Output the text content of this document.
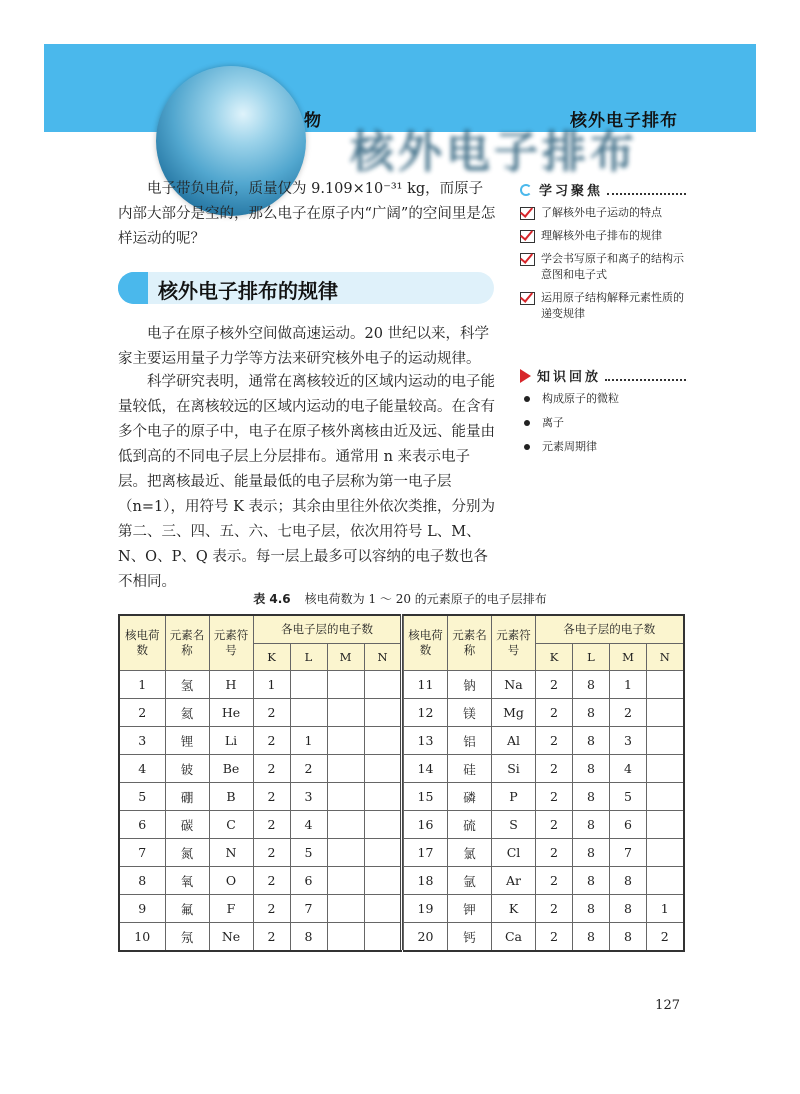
物
核外电子排布
核外电子排布

电子带负电荷，质量仅为 9.109×10⁻³¹ kg，而原子内部大部分是空的，那么电子在原子内“广阔”的空间里是怎样运动的呢？

核外电子排布的规律

电子在原子核外空间做高速运动。20 世纪以来，科学家主要运用量子力学等方法来研究核外电子的运动规律。

科学研究表明，通常在离核较近的区域内运动的电子能量较低，在离核较远的区域内运动的电子能量较高。在含有多个电子的原子中，电子在原子核外离核由近及远、能量由低到高的不同电子层上分层排布。通常用 n 来表示电子层。把离核最近、能量最低的电子层称为第一电子层（n=1），用符号 K 表示；其余由里往外依次类推，分别为第二、三、四、五、六、七电子层，依次用符号 L、M、N、O、P、Q 表示。每一层上最多可以容纳的电子数也各不相同。

学习聚焦
了解核外电子运动的特点
理解核外电子排布的规律
学会书写原子和离子的结构示意图和电子式
运用原子结构解释元素性质的递变规律
知识回放
构成原子的微粒
离子
元素周期律
表 4.6 核电荷数为 1 ～ 20 的元素原子的电子层排布
核电荷数	元素名称	元素符号	各电子层的电子数			
			K	L	M	N
1	氢	H	1			
2	氦	He	2			
3	锂	Li	2	1		
4	铍	Be	2	2		
5	硼	B	2	3		
6	碳	C	2	4		
7	氮	N	2	5		
8	氧	O	2	6		
9	氟	F	2	7		
10	氖	Ne	2	8		
核电荷数	元素名称	元素符号	各电子层的电子数			
			K	L	M	N
11	钠	Na	2	8	1	
12	镁	Mg	2	8	2	
13	铝	Al	2	8	3	
14	硅	Si	2	8	4	
15	磷	P	2	8	5	
16	硫	S	2	8	6	
17	氯	Cl	2	8	7	
18	氩	Ar	2	8	8	
19	钾	K	2	8	8	1
20	钙	Ca	2	8	8	2
127
